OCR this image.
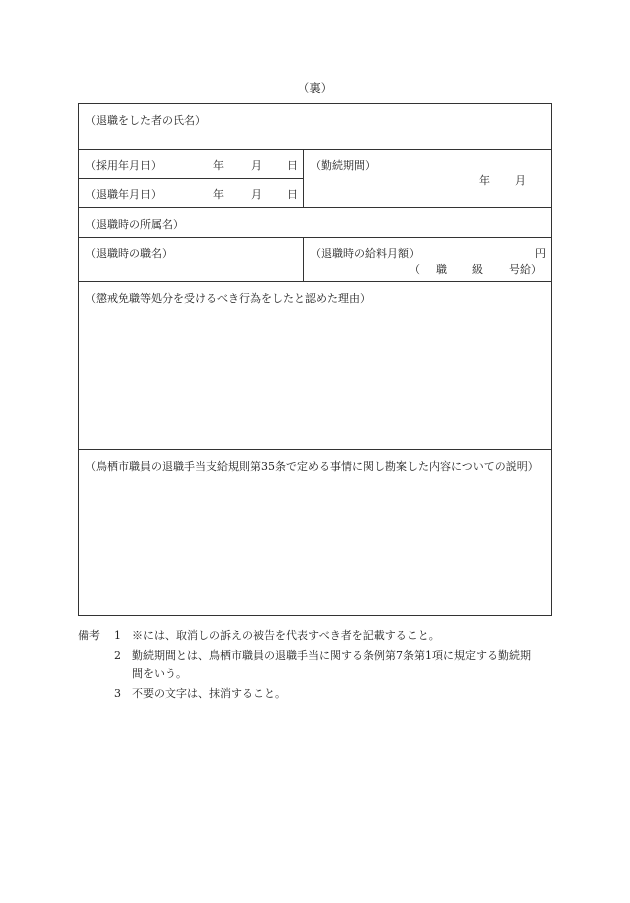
（裏）
（退職をした者の氏名）
（採用年月日）	年 月 日
（退職年月日）	年 月 日
（勤続期間）
年 月
（退職時の所属名）
（退職時の職名）	（退職時の給料月額）	円
（ 職 級 号給）
（懲戒免職等処分を受けるべき行為をしたと認めた理由）
（鳥栖市職員の退職手当支給規則第35条で定める事情に関し勘案した内容についての説明）
備考 1 ※には、取消しの訴えの被告を代表すべき者を記載すること。
2 勤続期間とは、鳥栖市職員の退職手当に関する条例第7条第1項に規定する勤続期
間をいう。
3 不要の文字は、抹消すること。
